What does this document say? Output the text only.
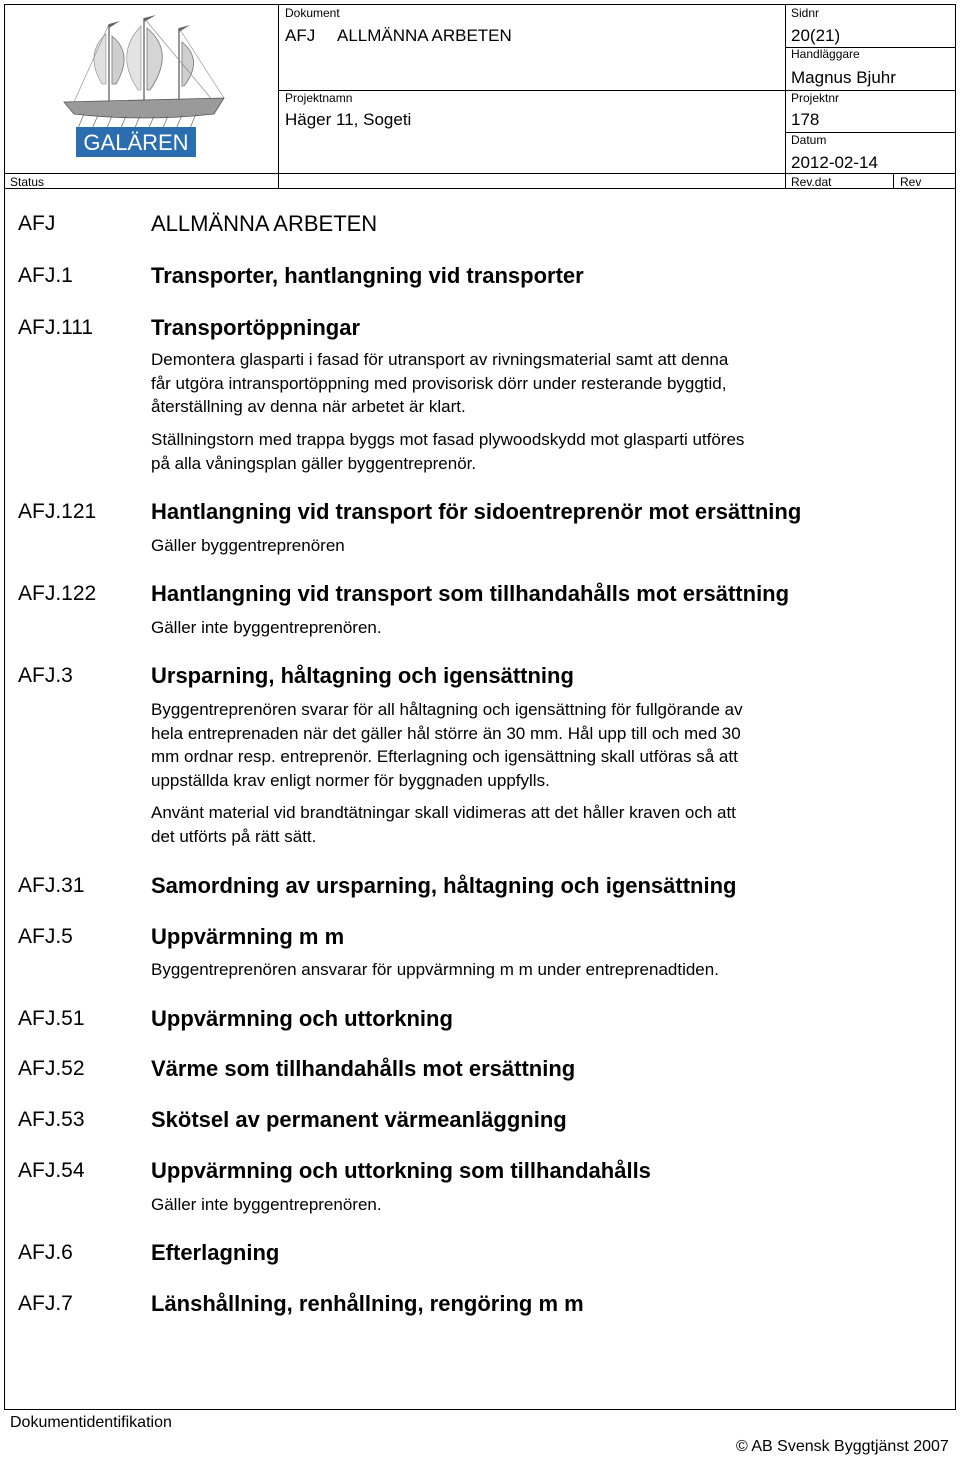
GALÄREN
Dokument
AFJ ALLMÄNNA ARBETEN
Sidnr
20(21)
Handläggare
Magnus Bjuhr
Projektnamn
Häger 11, Sogeti
Projektnr
178
Datum
2012-02-14
Status	Rev.dat	Rev
AFJ	ALLMÄNNA ARBETEN
AFJ.1	Transporter, hantlangning vid transporter
AFJ.111	Transportöppningar
Demontera glasparti i fasad för utransport av rivningsmaterial samt att denna
får utgöra intransportöppning med provisorisk dörr under resterande byggtid,
återställning av denna när arbetet är klart.
Ställningstorn med trappa byggs mot fasad plywoodskydd mot glasparti utföres
på alla våningsplan gäller byggentreprenör.
AFJ.121 Hantlangning vid transport för sidoentreprenör mot ersättning
Gäller byggentreprenören
AFJ.122 Hantlangning vid transport som tillhandahålls mot ersättning
Gäller inte byggentreprenören.
AFJ.3	Ursparning, håltagning och igensättning
Byggentreprenören svarar för all håltagning och igensättning för fullgörande av
hela entreprenaden när det gäller hål större än 30 mm. Hål upp till och med 30
mm ordnar resp. entreprenör. Efterlagning och igensättning skall utföras så att
uppställda krav enligt normer för byggnaden uppfylls.
Använt material vid brandtätningar skall vidimeras att det håller kraven och att
det utförts på rätt sätt.
AFJ.31	Samordning av ursparning, håltagning och igensättning
AFJ.5	Uppvärmning m m
Byggentreprenören ansvarar för uppvärmning m m under entreprenadtiden.
AFJ.51	Uppvärmning och uttorkning
AFJ.52	Värme som tillhandahålls mot ersättning
AFJ.53	Skötsel av permanent värmeanläggning
AFJ.54	Uppvärmning och uttorkning som tillhandahålls
Gäller inte byggentreprenören.
AFJ.6	Efterlagning
AFJ.7	Länshållning, renhållning, rengöring m m
Dokumentidentifikation
© AB Svensk Byggtjänst 2007
